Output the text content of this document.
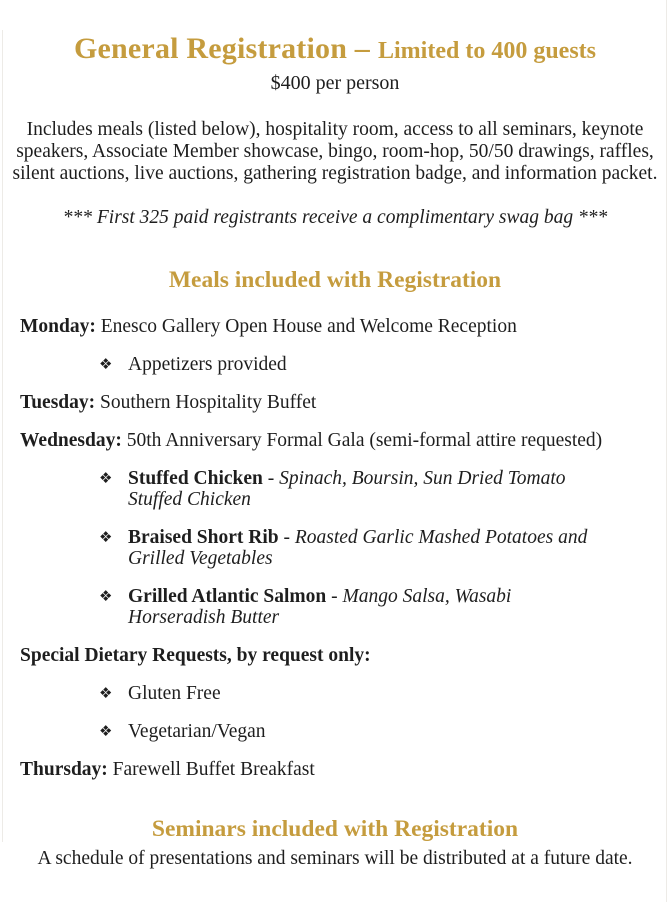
General Registration – Limited to 400 guests

$400 per person

Includes meals (listed below), hospitality room, access to all seminars, keynote speakers, Associate Member showcase, bingo, room-hop, 50/50 drawings, raffles, silent auctions, live auctions, gathering registration badge, and information packet.

*** First 325 paid registrants receive a complimentary swag bag ***

Meals included with Registration

Monday: Enesco Gallery Open House and Welcome Reception

❖ Appetizers provided

Tuesday: Southern Hospitality Buffet

Wednesday: 50th Anniversary Formal Gala (semi-formal attire requested)

❖ Stuffed Chicken - Spinach, Boursin, Sun Dried Tomato Stuffed Chicken
❖ Braised Short Rib - Roasted Garlic Mashed Potatoes and Grilled Vegetables
❖ Grilled Atlantic Salmon - Mango Salsa, Wasabi Horseradish Butter

Special Dietary Requests, by request only:

❖ Gluten Free
❖ Vegetarian/Vegan

Thursday: Farewell Buffet Breakfast

Seminars included with Registration

A schedule of presentations and seminars will be distributed at a future date.
